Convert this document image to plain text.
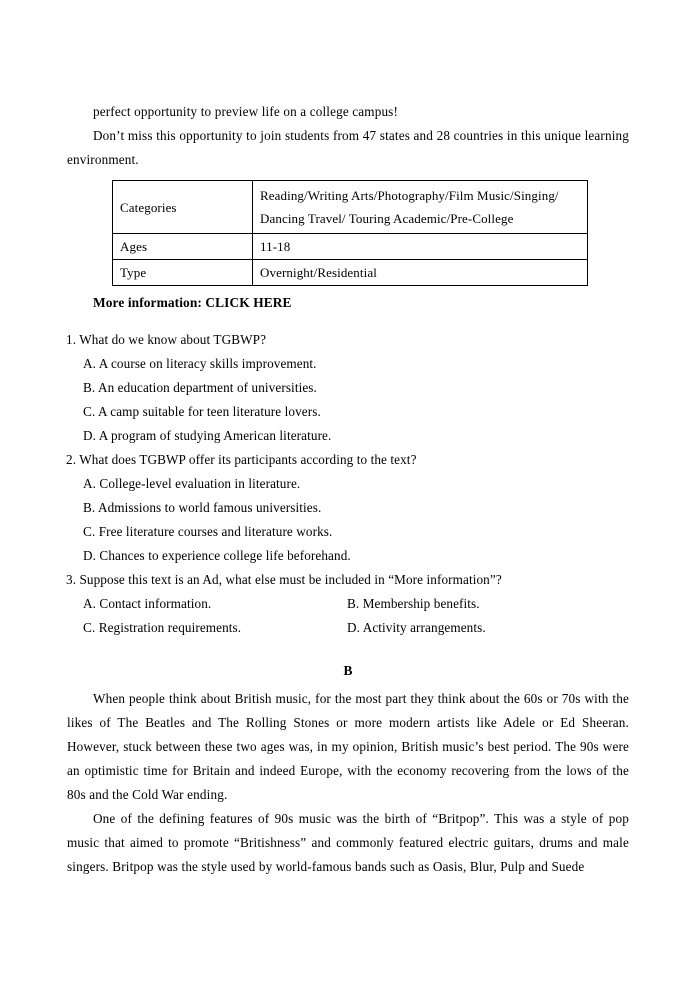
perfect opportunity to preview life on a college campus!
Don’t miss this opportunity to join students from 47 states and 28 countries in this unique learning environment.
Categories	Reading/Writing Arts/Photography/Film Music/Singing/
Dancing Travel/ Touring Academic/Pre-College

Ages	11-18
Type	Overnight/Residential
More information: CLICK HERE
1. What do we know about TGBWP?
A. A course on literacy skills improvement.
B. An education department of universities.
C. A camp suitable for teen literature lovers.
D. A program of studying American literature.
2. What does TGBWP offer its participants according to the text?
A. College-level evaluation in literature.
B. Admissions to world famous universities.
C. Free literature courses and literature works.
D. Chances to experience college life beforehand.
3. Suppose this text is an Ad, what else must be included in “More information”?
A. Contact information.	B. Membership benefits.
C. Registration requirements.	D. Activity arrangements.
B
When people think about British music, for the most part they think about the 60s or 70s with the likes of The Beatles and The Rolling Stones or more modern artists like Adele or Ed Sheeran. However, stuck between these two ages was, in my opinion, British music’s best period. The 90s were an optimistic time for Britain and indeed Europe, with the economy recovering from the lows of the 80s and the Cold War ending.
One of the defining features of 90s music was the birth of “Britpop”. This was a style of pop music that aimed to promote “Britishness” and commonly featured electric guitars, drums and male singers. Britpop was the style used by world-famous bands such as Oasis, Blur, Pulp and Suede
